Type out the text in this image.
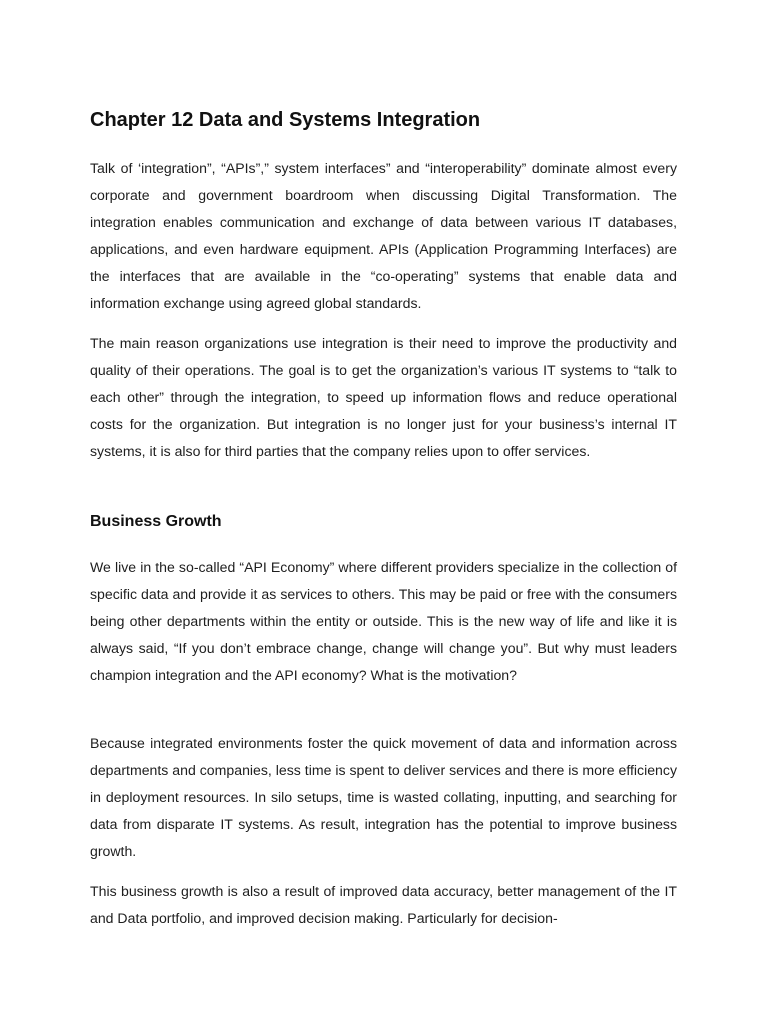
Chapter 12 Data and Systems Integration

Talk of ‘integration”, “APIs”,” system interfaces” and “interoperability” dominate almost every corporate and government boardroom when discussing Digital Transformation. The integration enables communication and exchange of data between various IT databases, applications, and even hardware equipment. APIs (Application Programming Interfaces) are the interfaces that are available in the “co-operating” systems that enable data and information exchange using agreed global standards.

The main reason organizations use integration is their need to improve the productivity and quality of their operations. The goal is to get the organization’s various IT systems to “talk to each other” through the integration, to speed up information flows and reduce operational costs for the organization. But integration is no longer just for your business’s internal IT systems, it is also for third parties that the company relies upon to offer services.

Business Growth

We live in the so-called “API Economy” where different providers specialize in the collection of specific data and provide it as services to others. This may be paid or free with the consumers being other departments within the entity or outside. This is the new way of life and like it is always said, “If you don’t embrace change, change will change you”. But why must leaders champion integration and the API economy? What is the motivation?

Because integrated environments foster the quick movement of data and information across departments and companies, less time is spent to deliver services and there is more efficiency in deployment resources. In silo setups, time is wasted collating, inputting, and searching for data from disparate IT systems. As result, integration has the potential to improve business growth.

This business growth is also a result of improved data accuracy, better management of the IT and Data portfolio, and improved decision making. Particularly for decision-
